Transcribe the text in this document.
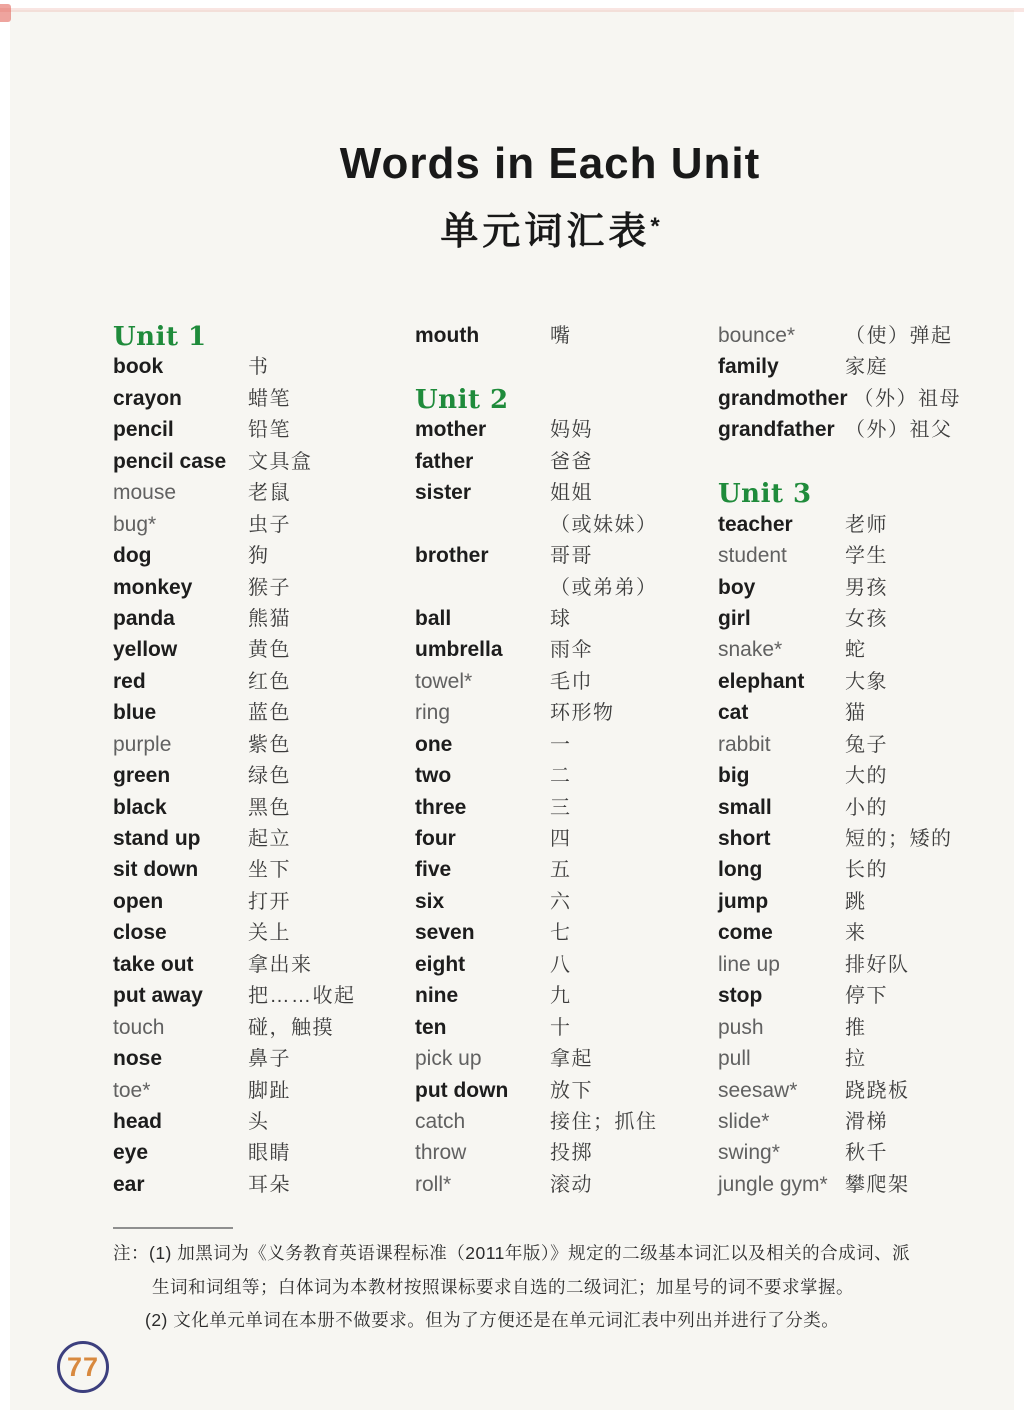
Words in Each Unit
单元词汇表*
Unit 1
book	书
crayon	蜡笔
pencil	铅笔
pencil case	文具盒
mouse	老鼠
bug*	虫子
dog	狗
monkey	猴子
panda	熊猫
yellow	黄色
red	红色
blue	蓝色
purple	紫色
green	绿色
black	黑色
stand up	起立
sit down	坐下
open	打开
close	关上
take out	拿出来
put away	把……收起
touch	碰，触摸
nose	鼻子
toe*	脚趾
head	头
eye	眼睛
ear	耳朵
mouth	嘴
Unit 2
mother	妈妈
father	爸爸
sister	姐姐
（或妹妹）
brother	哥哥
（或弟弟）
ball	球
umbrella	雨伞
towel*	毛巾
ring	环形物
one	一
two	二
three	三
four	四
five	五
six	六
seven	七
eight	八
nine	九
ten	十
pick up	拿起
put down	放下
catch	接住；抓住
throw	投掷
roll*	滚动
bounce*	（使）弹起
family	家庭
grandmother （外）祖母
grandfather （外）祖父
Unit 3
teacher	老师
student	学生
boy	男孩
girl	女孩
snake*	蛇
elephant	大象
cat	猫
rabbit	兔子
big	大的
small	小的
short	短的；矮的
long	长的
jump	跳
come	来
line up	排好队
stop	停下
push	推
pull	拉
seesaw*	跷跷板
slide*	滑梯
swing*	秋千
jungle gym* 攀爬架
注：(1) 加黑词为《义务教育英语课程标准（2011年版）》规定的二级基本词汇以及相关的合成词、派
生词和词组等；白体词为本教材按照课标要求自选的二级词汇；加星号的词不要求掌握。
(2) 文化单元单词在本册不做要求。但为了方便还是在单元词汇表中列出并进行了分类。
77
